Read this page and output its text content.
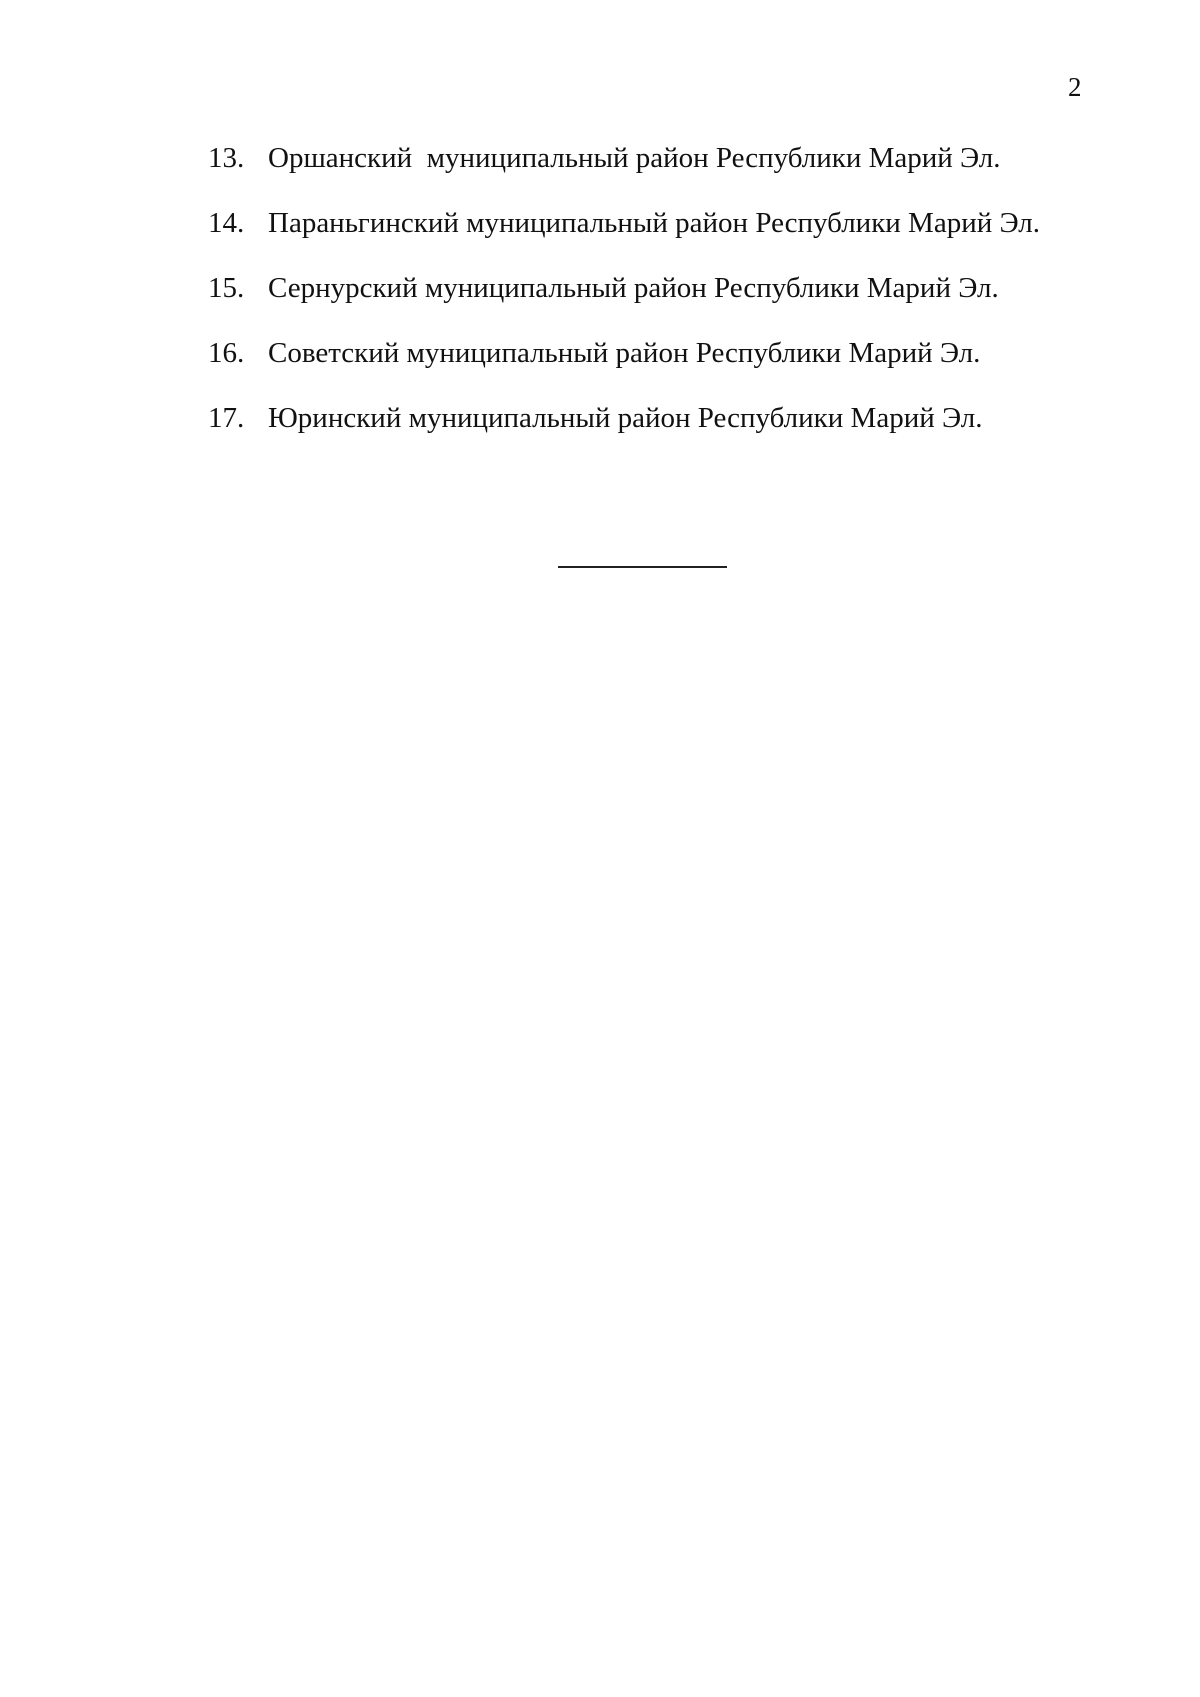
2
13. Оршанский  муниципальный район Республики Марий Эл.
14. Параньгинский муниципальный район Республики Марий Эл.
15. Сернурский муниципальный район Республики Марий Эл.
16. Советский муниципальный район Республики Марий Эл.
17. Юринский муниципальный район Республики Марий Эл.
